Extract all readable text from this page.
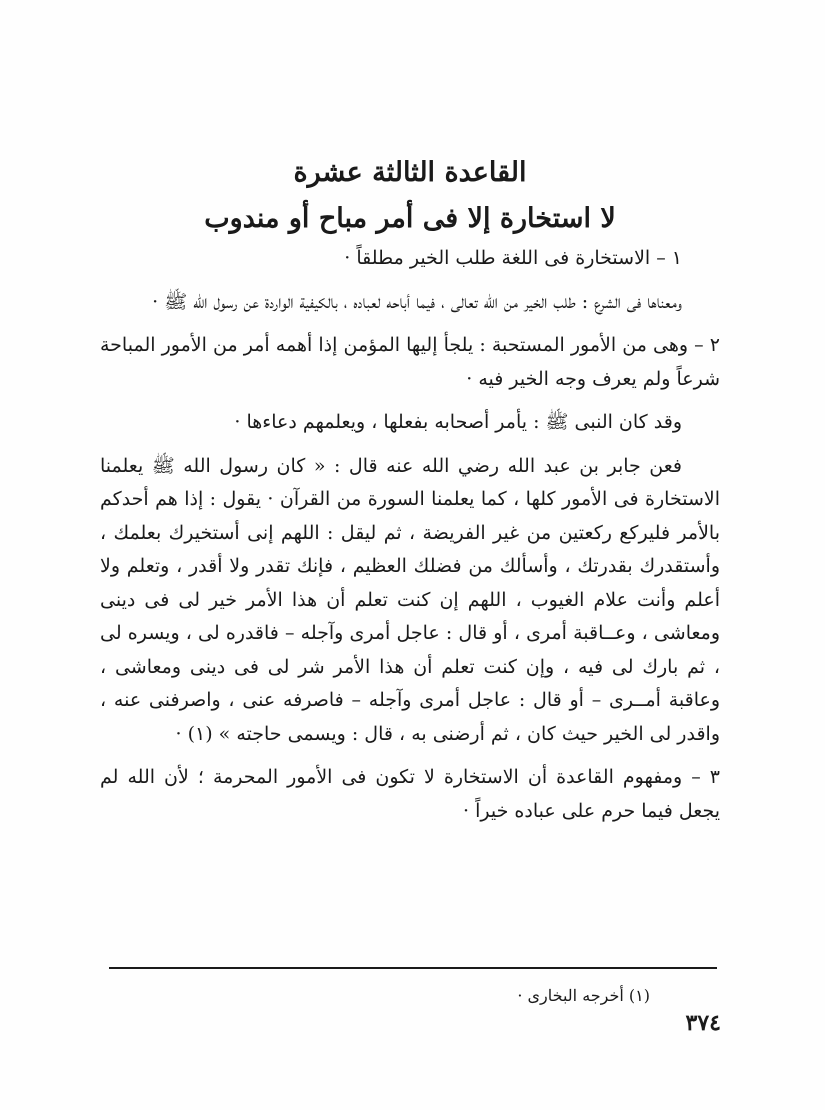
القاعدة الثالثة عشرة
لا استخارة إلا فى أمر مباح أو مندوب

١ – الاستخارة فى اللغة طلب الخير مطلقاً ·

ومعناها فى الشرع : طلب الخير من الله تعالى ، فيما أباحه لعباده ، بالكيفية الواردة عن رسول الله ﷺ ·

٢ – وهى من الأمور المستحبة : يلجأ إليها المؤمن إذا أهمه أمر من الأمور المباحة شرعاً ولم يعرف وجه الخير فيه ·

وقد كان النبى ﷺ : يأمر أصحابه بفعلها ، ويعلمهم دعاءها ·

فعن جابر بن عبد الله رضي الله عنه قال : « كان رسول الله ﷺ يعلمنا الاستخارة فى الأمور كلها ، كما يعلمنا السورة من القرآن · يقول : إذا هم أحدكم بالأمر فليركع ركعتين من غير الفريضة ، ثم ليقل : اللهم إنى أستخيرك بعلمك ، وأستقدرك بقدرتك ، وأسألك من فضلك العظيم ، فإنك تقدر ولا أقدر ، وتعلم ولا أعلم وأنت علام الغيوب ، اللهم إن كنت تعلم أن هذا الأمر خير لى فى دينى ومعاشى ، وعــاقبة أمرى ، أو قال : عاجل أمرى وآجله – فاقدره لى ، ويسره لى ، ثم بارك لى فيه ، وإن كنت تعلم أن هذا الأمر شر لى فى دينى ومعاشى ، وعاقبة أمــرى – أو قال : عاجل أمرى وآجله – فاصرفه عنى ، واصرفنى عنه ، واقدر لى الخير حيث كان ، ثم أرضنى به ، قال : ويسمى حاجته » (١) ·

٣ – ومفهوم القاعدة أن الاستخارة لا تكون فى الأمور المحرمة ؛ لأن الله لم يجعل فيما حرم على عباده خيراً ·

(١) أخرجه البخارى ·
٣٧٤
